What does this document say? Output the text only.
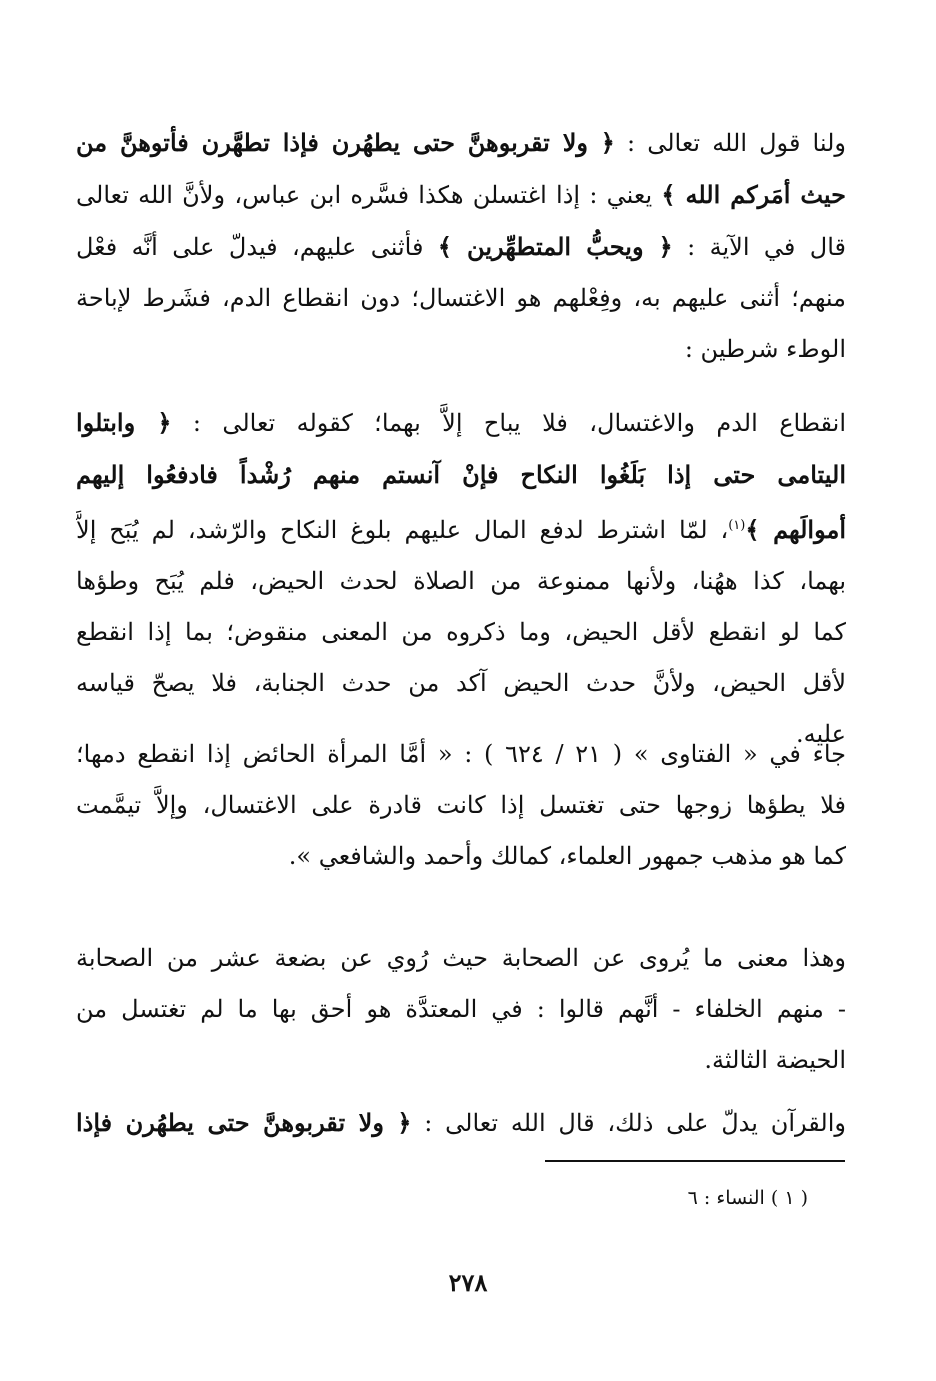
ولنا قول الله تعالى : ﴿ ولا تقربوهنَّ حتى يطهُرن فإذا تطهَّرن فأتوهنَّ من
حيث أمَركم الله ﴾ يعني : إذا اغتسلن هكذا فسَّره ابن عباس، ولأنَّ الله تعالى
قال في الآية : ﴿ ويحبُّ المتطهِّرين ﴾ فأثنى عليهم، فيدلّ على أنَّه فعْل
منهم؛ أثنى عليهم به، وفِعْلهم هو الاغتسال؛ دون انقطاع الدم، فشَرط لإباحة
الوطء شرطين :
انقطاع الدم والاغتسال، فلا يباح إلاَّ بهما؛ كقوله تعالى : ﴿ وابتلوا
اليتامى حتى إذا بَلَغُوا النكاح فإنْ آنستم منهم رُشْداً فادفعُوا إليهم
أموالَهم ﴾$^{(١)}$، لمّا اشترط لدفع المال عليهم بلوغ النكاح والرّشد، لم يُبَح إلاَّ
بهما، كذا ههُنا، ولأنها ممنوعة من الصلاة لحدث الحيض، فلم يُبَح وطؤها
كما لو انقطع لأقل الحيض، وما ذكروه من المعنى منقوض؛ بما إذا انقطع
لأقل الحيض، ولأنَّ حدث الحيض آكد من حدث الجنابة، فلا يصحّ قياسه
عليه.
جاء في « الفتاوى » ( ٢١ / ٦٢٤ ) : « أمَّا المرأة الحائض إذا انقطع دمها؛
فلا يطؤها زوجها حتى تغتسل إذا كانت قادرة على الاغتسال، وإلاَّ تيمَّمت
كما هو مذهب جمهور العلماء، كمالك وأحمد والشافعي ».
وهذا معنى ما يُروى عن الصحابة حيث رُوي عن بضعة عشر من الصحابة
- منهم الخلفاء - أنَّهم قالوا : في المعتدَّة هو أحق بها ما لم تغتسل من
الحيضة الثالثة.
والقرآن يدلّ على ذلك، قال الله تعالى : ﴿ ولا تقربوهنَّ حتى يطهُرن فإذا
( ١ ) النساء : ٦
٢٧٨
